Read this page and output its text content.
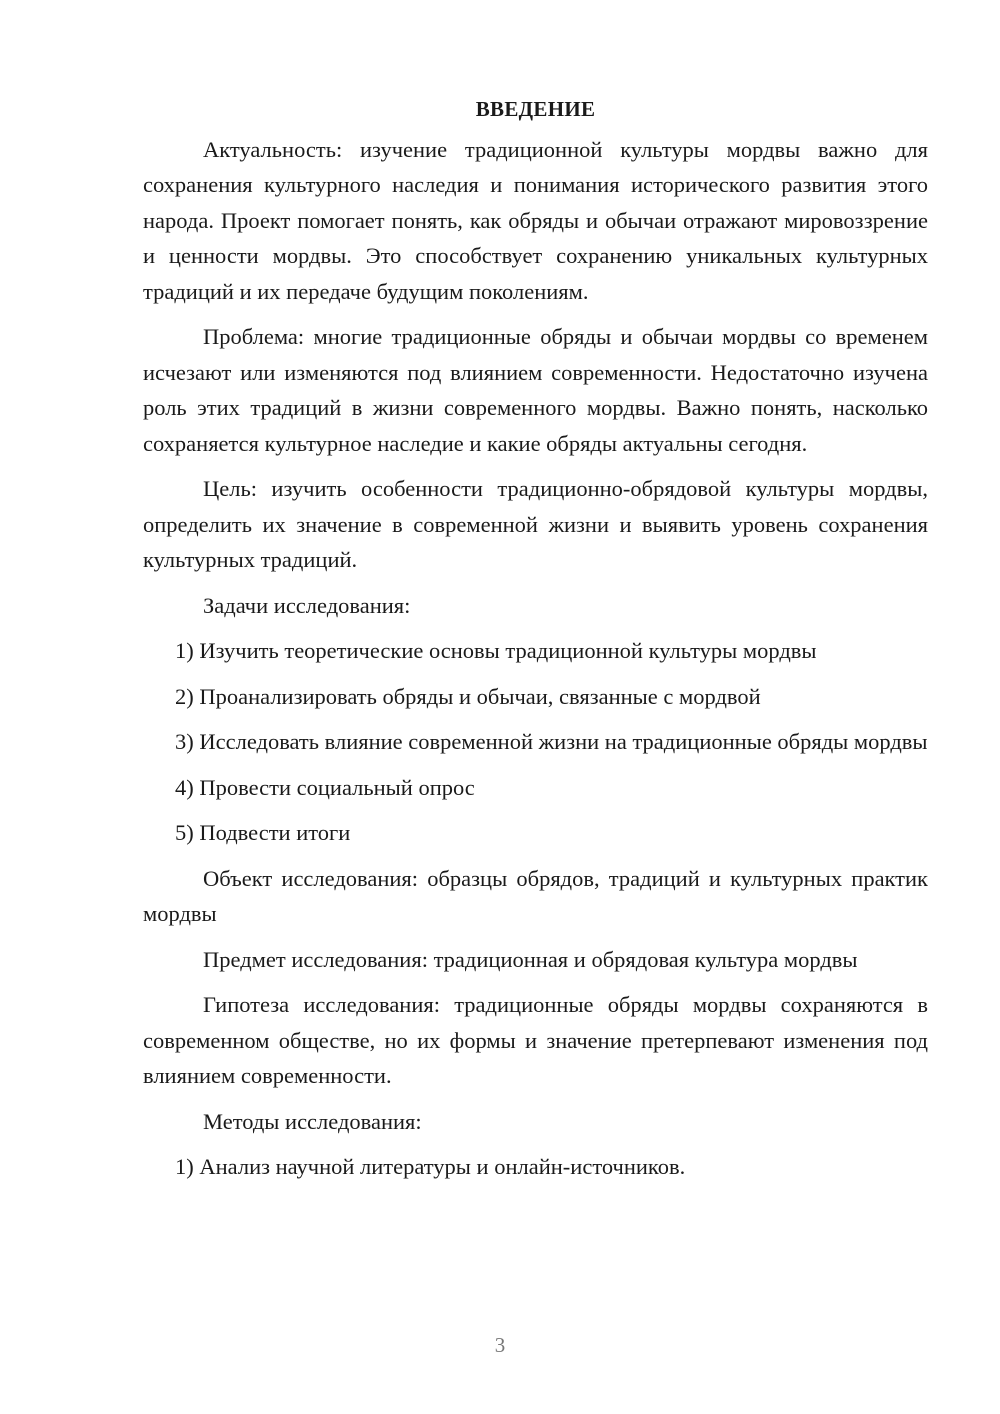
ВВЕДЕНИЕ

Актуальность: изучение традиционной культуры мордвы важно для сохранения культурного наследия и понимания исторического развития этого народа. Проект помогает понять, как обряды и обычаи отражают мировоззрение и ценности мордвы. Это способствует сохранению уникальных культурных традиций и их передаче будущим поколениям.

Проблема: многие традиционные обряды и обычаи мордвы со временем исчезают или изменяются под влиянием современности. Недостаточно изучена роль этих традиций в жизни современного мордвы. Важно понять, насколько сохраняется культурное наследие и какие обряды актуальны сегодня.

Цель: изучить особенности традиционно-обрядовой культуры мордвы, определить их значение в современной жизни и выявить уровень сохранения культурных традиций.

Задачи исследования:

1) Изучить теоретические основы традиционной культуры мордвы

2) Проанализировать обряды и обычаи, связанные с мордвой

3) Исследовать влияние современной жизни на традиционные обряды мордвы

4) Провести социальный опрос

5) Подвести итоги

Объект исследования: образцы обрядов, традиций и культурных практик мордвы

Предмет исследования: традиционная и обрядовая культура мордвы

Гипотеза исследования: традиционные обряды мордвы сохраняются в современном обществе, но их формы и значение претерпевают изменения под влиянием современности.

Методы исследования:

1) Анализ научной литературы и онлайн-источников.

3
